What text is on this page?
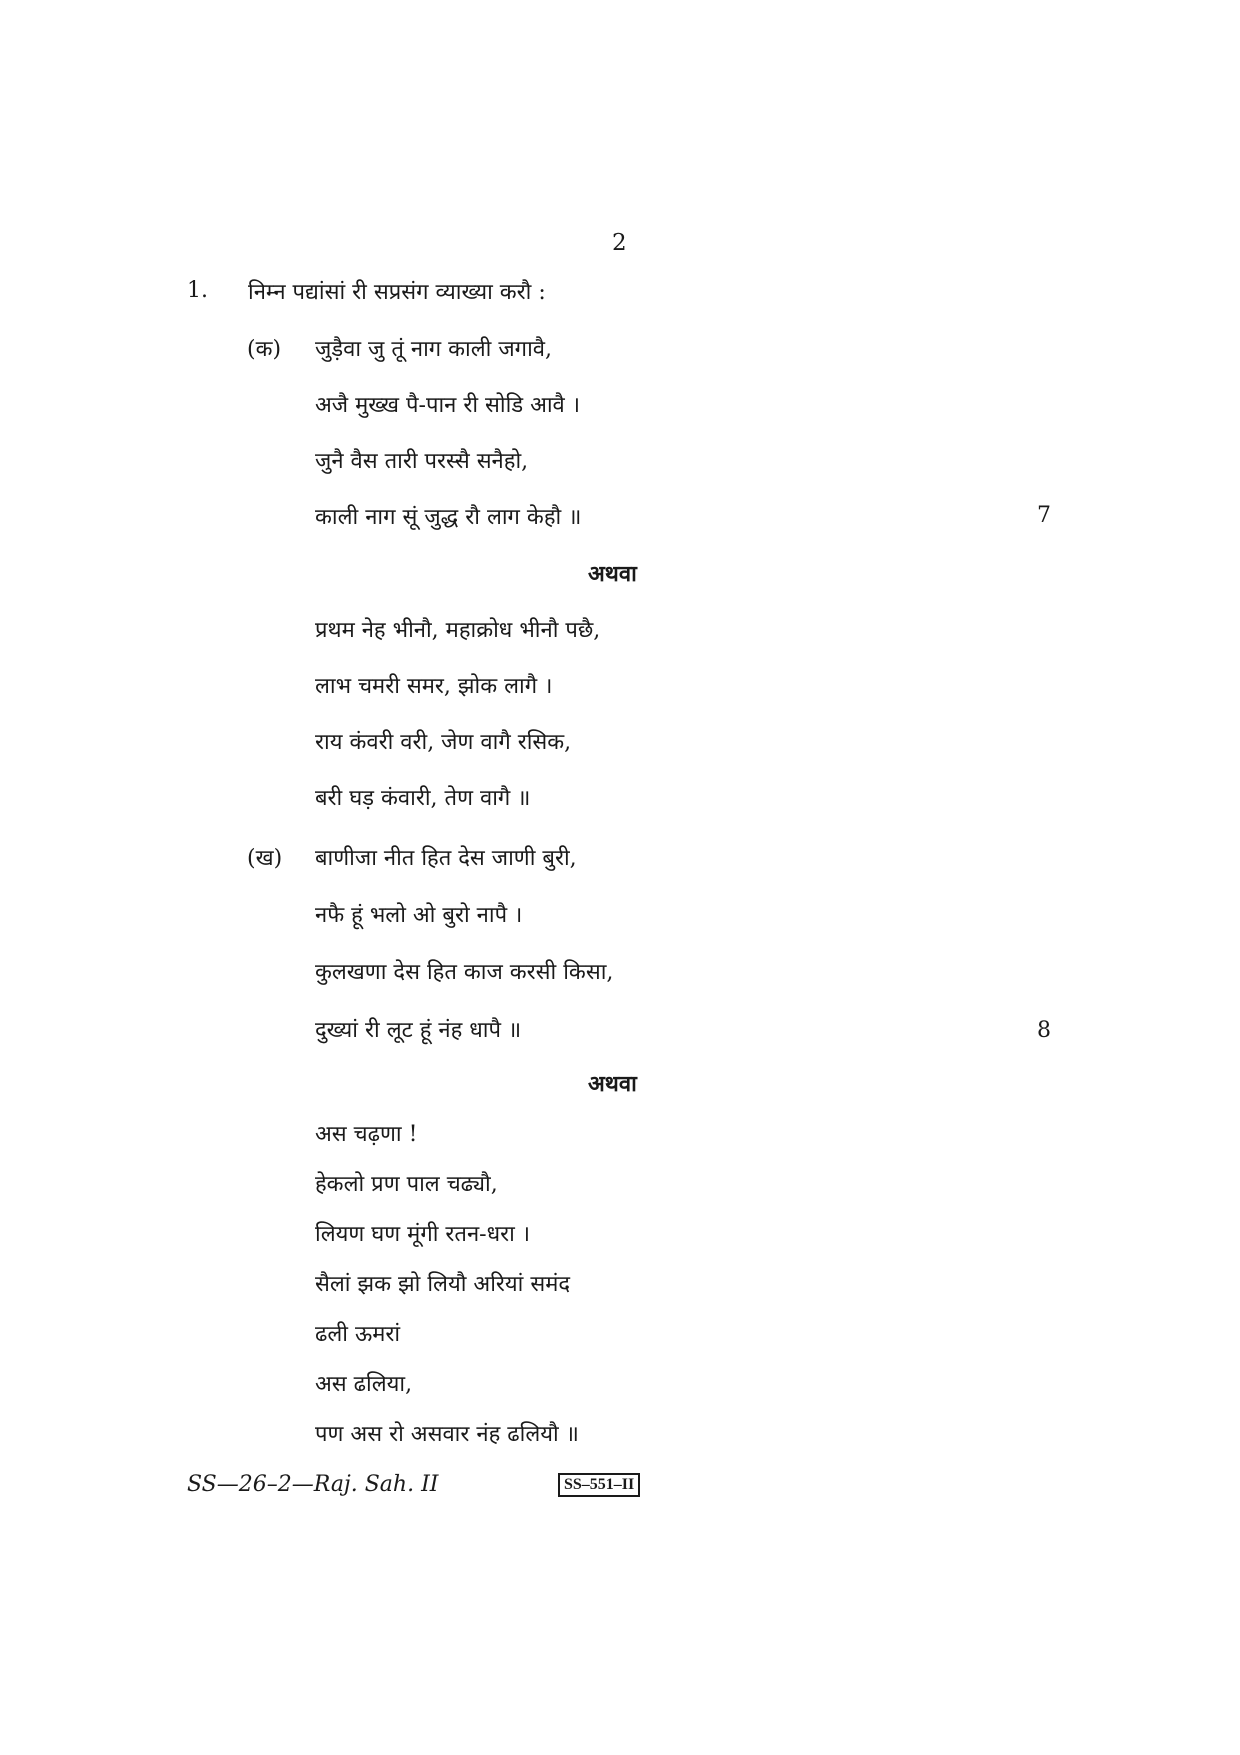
2
1. निम्न पद्यांसां री सप्रसंग व्याख्या करौ :
(क) जुड़ैवा जु तूं नाग काली जगावै,
अजै मुख्ख पै-पान री सोडि आवै ।
जुनै वैस तारी परस्सै सनैहो,
काली नाग सूं जुद्ध रौ लाग केहौ ॥	7
अथवा
प्रथम नेह भीनौ, महाक्रोध भीनौ पछै,
लाभ चमरी समर, झोक लागै ।
राय कंवरी वरी, जेण वागै रसिक,
बरी घड़ कंवारी, तेण वागै ॥
(ख) बाणीजा नीत हित देस जाणी बुरी,
नफै हूं भलो ओ बुरो नापै ।
कुलखणा देस हित काज करसी किसा,
दुख्यां री लूट हूं नंह धापै ॥	8
अथवा
अस चढ़णा !
हेकलो प्रण पाल चढ्यौ,
लियण घण मूंगी रतन-धरा ।
सैलां झक झो लियौ अरियां समंद
ढली ऊमरां
अस ढलिया,
पण अस रो असवार नंह ढलियौ ॥
SS—26–2—Raj. Sah. II	SS–551–II
